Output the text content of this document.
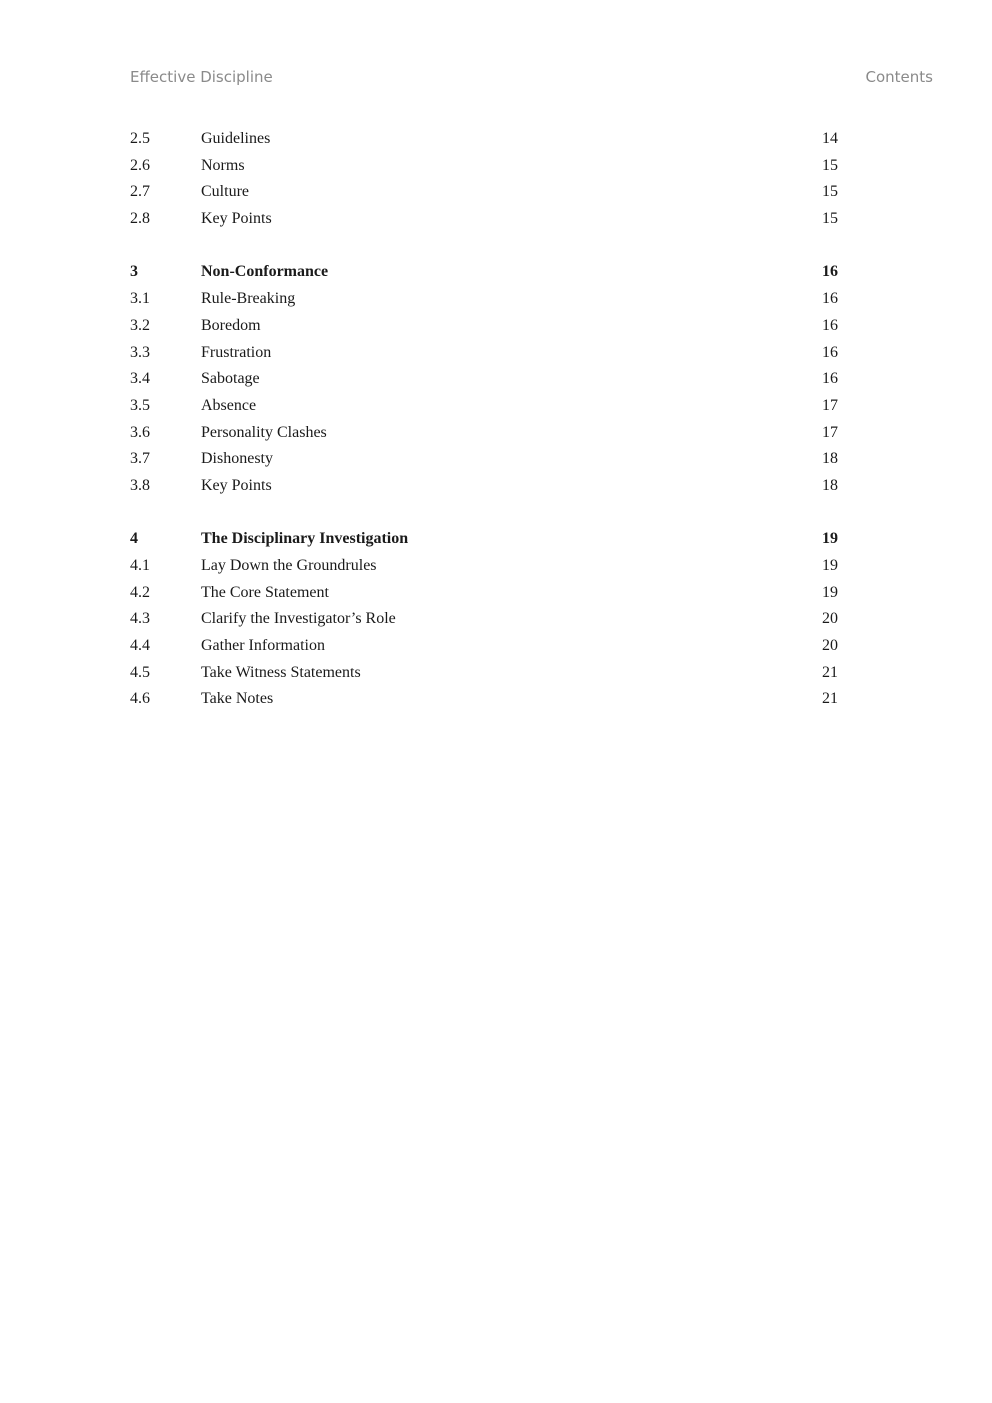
Effective Discipline	Contents
2.5	Guidelines	14
2.6	Norms	15
2.7	Culture	15
2.8	Key Points	15
3	Non-Conformance	16
3.1	Rule-Breaking	16
3.2	Boredom	16
3.3	Frustration	16
3.4	Sabotage	16
3.5	Absence	17
3.6	Personality Clashes	17
3.7	Dishonesty	18
3.8	Key Points	18
4	The Disciplinary Investigation	19
4.1	Lay Down the Groundrules	19
4.2	The Core Statement	19
4.3	Clarify the Investigator’s Role	20
4.4	Gather Information	20
4.5	Take Witness Statements	21
4.6	Take Notes	21
